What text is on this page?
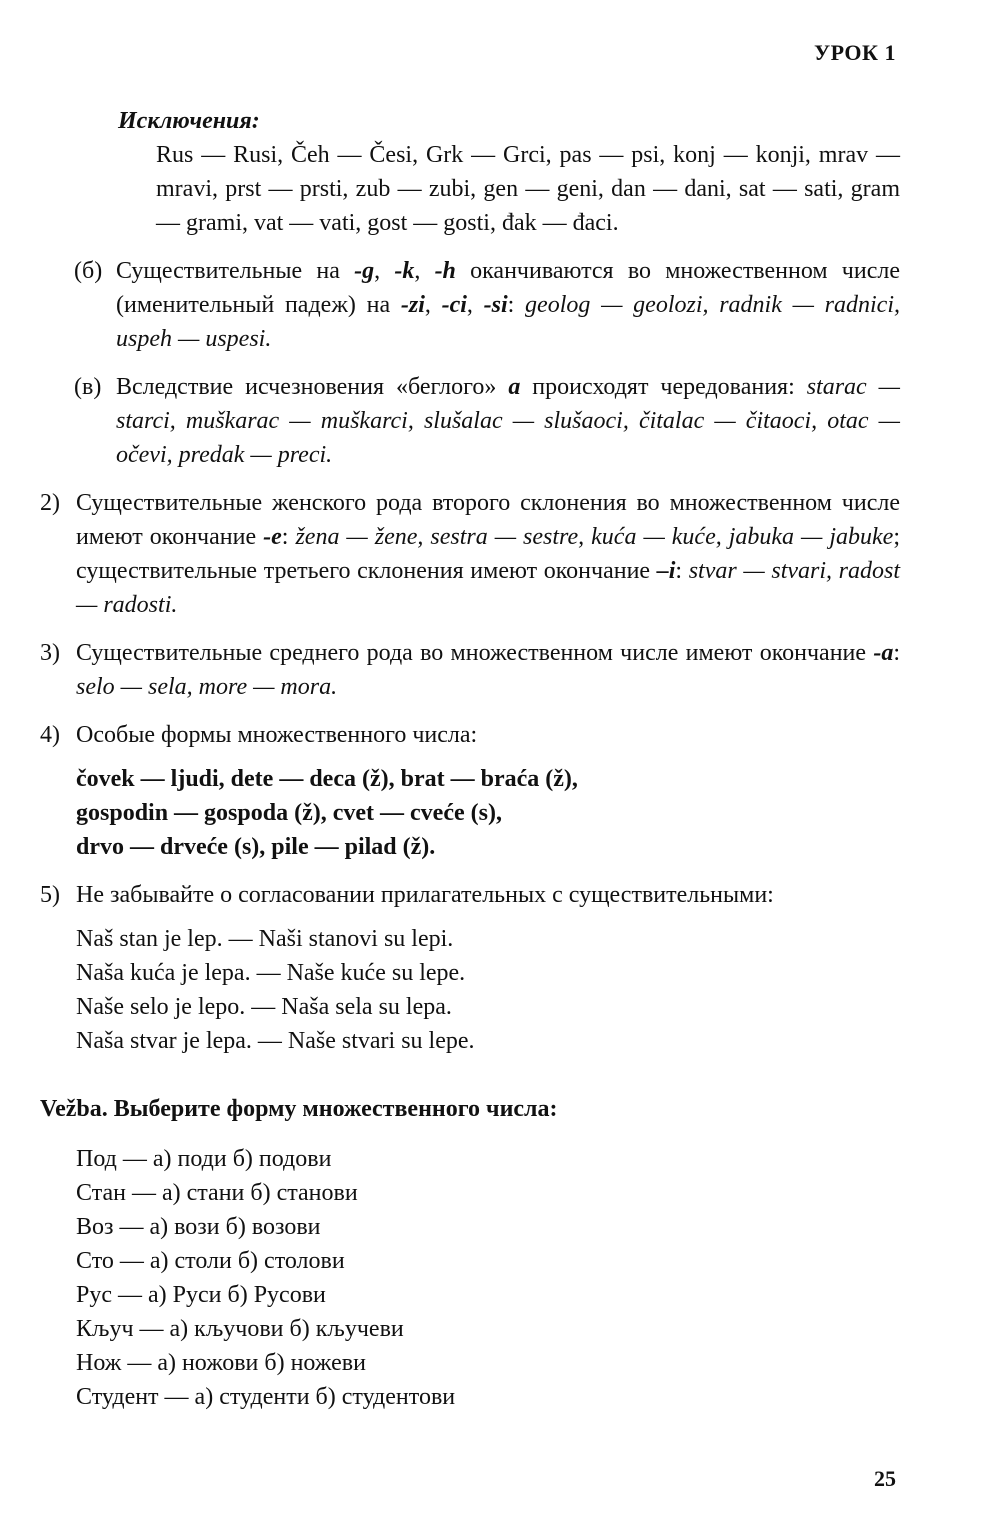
УРОК 1
Исключения:
Rus — Rusi, Čeh — Česi, Grk — Grci, pas — psi, konj — konji, mrav — mravi, prst — prsti, zub — zubi, gen — geni, dan — dani, sat — sati, gram — grami, vat — vati, gost — gosti, đak — đaci.
(б) Существительные на -g, -k, -h оканчиваются во множественном числе (именительный падеж) на -zi, -ci, -si: geolog — geolozi, radnik — radnici, uspeh — uspesi.
(в) Вследствие исчезновения «беглого» a происходят чередования: starac — starci, muškarac — muškarci, slušalac — slušaoci, čitalac — čitaoci, otac — očevi, predak — preci.
2) Существительные женского рода второго склонения во множественном числе имеют окончание -e: žena — žene, sestra — sestre, kuća — kuće, jabuka — jabuke; существительные третьего склонения имеют окончание –i: stvar — stvari, radost — radosti.
3) Существительные среднего рода во множественном числе имеют окончание -a: selo — sela, more — mora.
4) Особые формы множественного числа:
čovek — ljudi, dete — deca (ž), brat — braća (ž),
gospodin — gospoda (ž), cvet — cveće (s),
drvo — drveće (s), pile — pilad (ž).
5) Не забывайте о согласовании прилагательных с существительными:
Naš stan je lep. — Naši stanovi su lepi.
Naša kuća je lepa. — Naše kuće su lepe.
Naše selo je lepo. — Naša sela su lepa.
Naša stvar je lepa. — Naše stvari su lepe.
Vežba. Выберите форму множественного числа:
Под — а) поди б) подови
Стан — а) стани б) станови
Воз — а) вози б) возови
Сто — а) столи б) столови
Рус — а) Руси б) Русови
Кључ — а) кључови б) кључеви
Нож — а) ножови б) ножеви
Студент — а) студенти б) студентови
25
